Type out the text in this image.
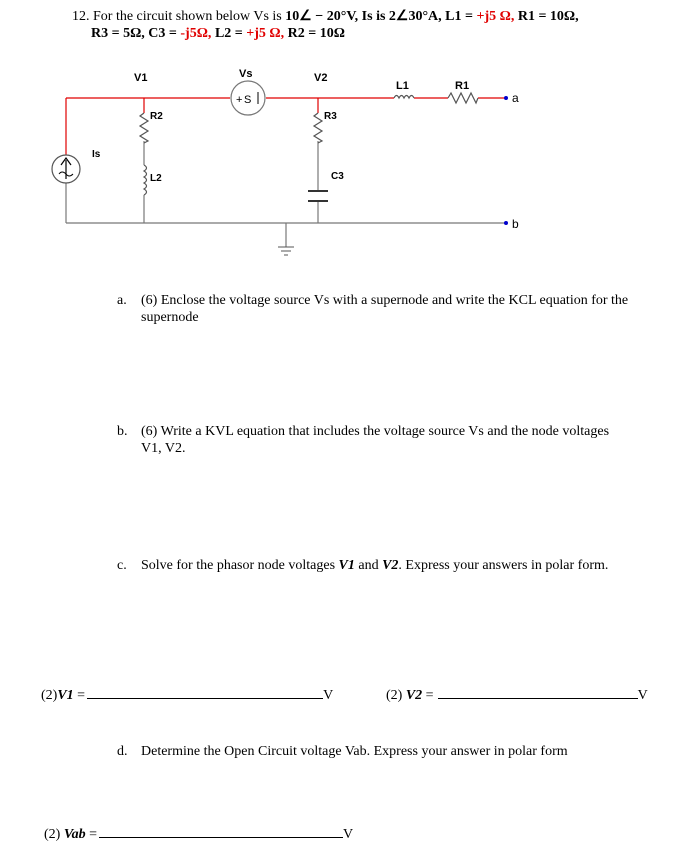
12. For the circuit shown below Vs is 10∠ − 20°V, Is is 2∠30°A, L1 = +j5 Ω, R1 = 10Ω,
R3 = 5Ω, C3 = -j5Ω, L2 = +j5 Ω, R2 = 10Ω
+ S
V1	Vs	V2
L1	R1
a
R2	R3
Is
L2	C3
b
a.	(6) Enclose the voltage source Vs with a supernode and write the KCL equation for the supernode
b. (6) Write a KVL equation that includes the voltage source Vs and the node voltages V1, V2.
c.	Solve for the phasor node voltages V1 and V2. Express your answers in polar form.
(2)V1 =	V	(2) V2 =	V
d. Determine the Open Circuit voltage Vab. Express your answer in polar form
(2) Vab =	V
